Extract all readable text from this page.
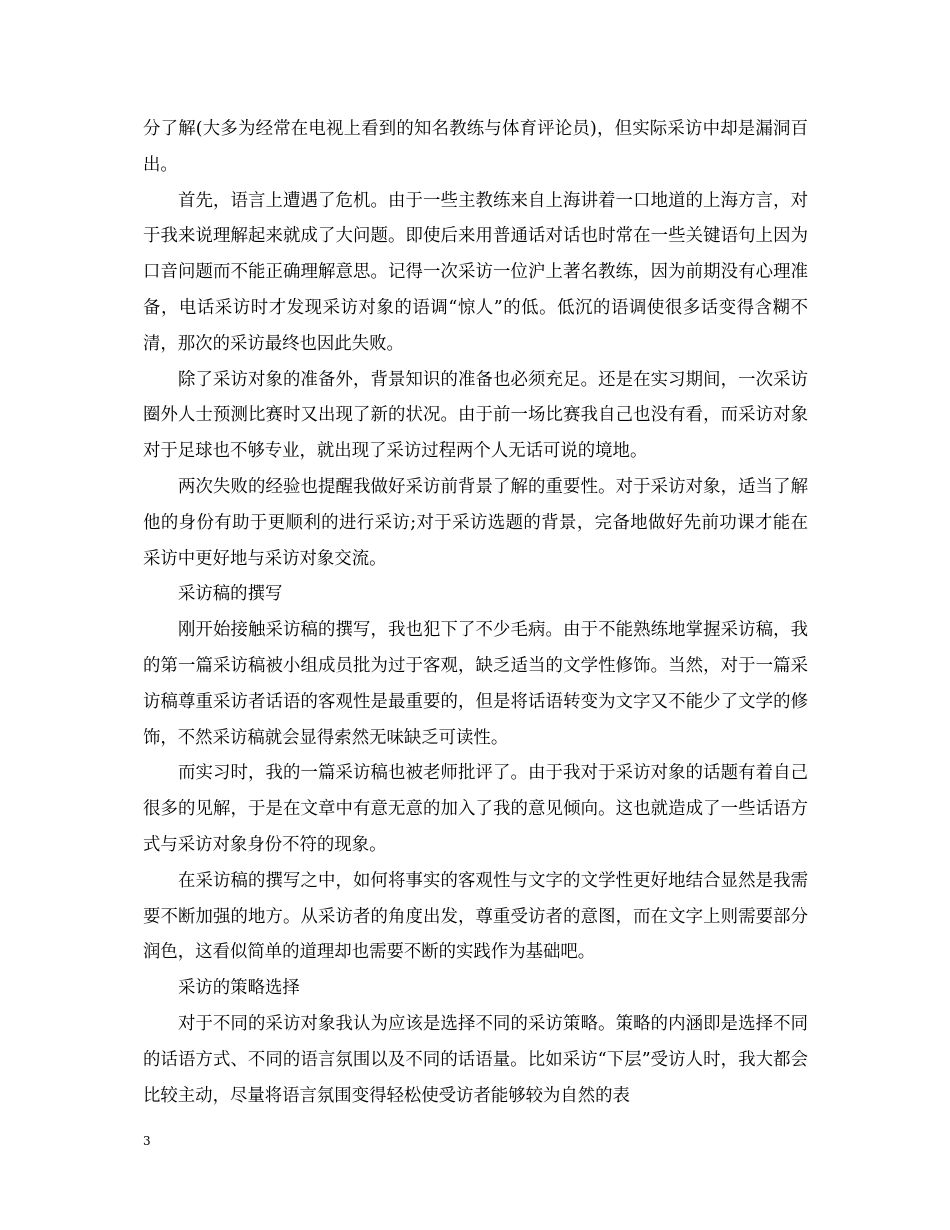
分了解(大多为经常在电视上看到的知名教练与体育评论员)，但实际采访中却是漏洞百出。

首先，语言上遭遇了危机。由于一些主教练来自上海讲着一口地道的上海方言，对于我来说理解起来就成了大问题。即使后来用普通话对话也时常在一些关键语句上因为口音问题而不能正确理解意思。记得一次采访一位沪上著名教练，因为前期没有心理准备，电话采访时才发现采访对象的语调“惊人”的低。低沉的语调使很多话变得含糊不清，那次的采访最终也因此失败。

除了采访对象的准备外，背景知识的准备也必须充足。还是在实习期间，一次采访圈外人士预测比赛时又出现了新的状况。由于前一场比赛我自己也没有看，而采访对象对于足球也不够专业，就出现了采访过程两个人无话可说的境地。

两次失败的经验也提醒我做好采访前背景了解的重要性。对于采访对象，适当了解他的身份有助于更顺利的进行采访;对于采访选题的背景，完备地做好先前功课才能在采访中更好地与采访对象交流。

采访稿的撰写

刚开始接触采访稿的撰写，我也犯下了不少毛病。由于不能熟练地掌握采访稿，我的第一篇采访稿被小组成员批为过于客观，缺乏适当的文学性修饰。当然，对于一篇采访稿尊重采访者话语的客观性是最重要的，但是将话语转变为文字又不能少了文学的修饰，不然采访稿就会显得索然无味缺乏可读性。

而实习时，我的一篇采访稿也被老师批评了。由于我对于采访对象的话题有着自己很多的见解，于是在文章中有意无意的加入了我的意见倾向。这也就造成了一些话语方式与采访对象身份不符的现象。

在采访稿的撰写之中，如何将事实的客观性与文字的文学性更好地结合显然是我需要不断加强的地方。从采访者的角度出发，尊重受访者的意图，而在文字上则需要部分润色，这看似简单的道理却也需要不断的实践作为基础吧。

采访的策略选择

对于不同的采访对象我认为应该是选择不同的采访策略。策略的内涵即是选择不同的话语方式、不同的语言氛围以及不同的话语量。比如采访“下层”受访人时，我大都会比较主动，尽量将语言氛围变得轻松使受访者能够较为自然的表

3
